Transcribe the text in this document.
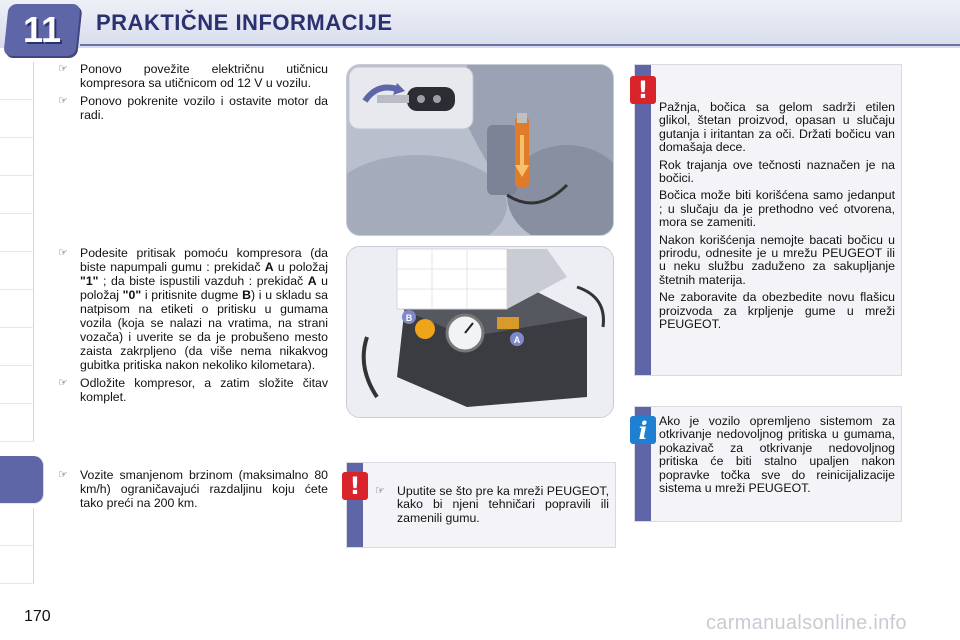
11 PRAKTIČNE INFORMACIJE
☞ Ponovo povežite električnu utičnicu kompresora sa utičnicom od 12 V u vozilu.
☞ Ponovo pokrenite vozilo i ostavite motor da radi.
☞ Podesite pritisak pomoću kompresora (da biste napumpali gumu : prekidač A u položaj "1" ; da biste ispustili vazduh : prekidač A u položaj "0" i pritisnite dugme B) i u skladu sa natpisom na etiketi o pritisku u gumama vozila (koja se nalazi na vratima, na strani vozača) i uverite se da je probušeno mesto zaista zakrpljeno (da više nema nikakvog gubitka pritiska nakon nekoliko kilometara).
☞ Odložite kompresor, a zatim složite čitav komplet.
☞ Vozite smanjenom brzinom (maksimalno 80 km/h) ograničavajući razdaljinu koju ćete tako preći na 200 km.
B
A
☞ Uputite se što pre ka mreži PEUGEOT, kako bi njeni tehničari popravili ili zamenili gumu.
!

Pažnja, bočica sa gelom sadrži etilen glikol, štetan proizvod, opasan u slučaju gutanja i iritantan za oči. Držati bočicu van domašaja dece.

Rok trajanja ove tečnosti naznačen je na bočici.

Bočica može biti korišćena samo jedanput ; u slučaju da je prethodno već otvorena, mora se zameniti.

Nakon korišćenja nemojte bacati bočicu u prirodu, odnesite je u mrežu PEUGEOT ili u neku službu zaduženo za sakupljanje štetnih materija.

Ne zaboravite da obezbedite novu flašicu proizvoda za krpljenje gume u mreži PEUGEOT.

!
Ako je vozilo opremljeno sistemom za otkrivanje nedovoljnog pritiska u gumama, pokazivač za otkrivanje nedovoljnog pritiska će biti stalno upaljen nakon popravke točka sve do reinicijalizacije sistema u mreži PEUGEOT.
i
170	carmanualsonline.info
